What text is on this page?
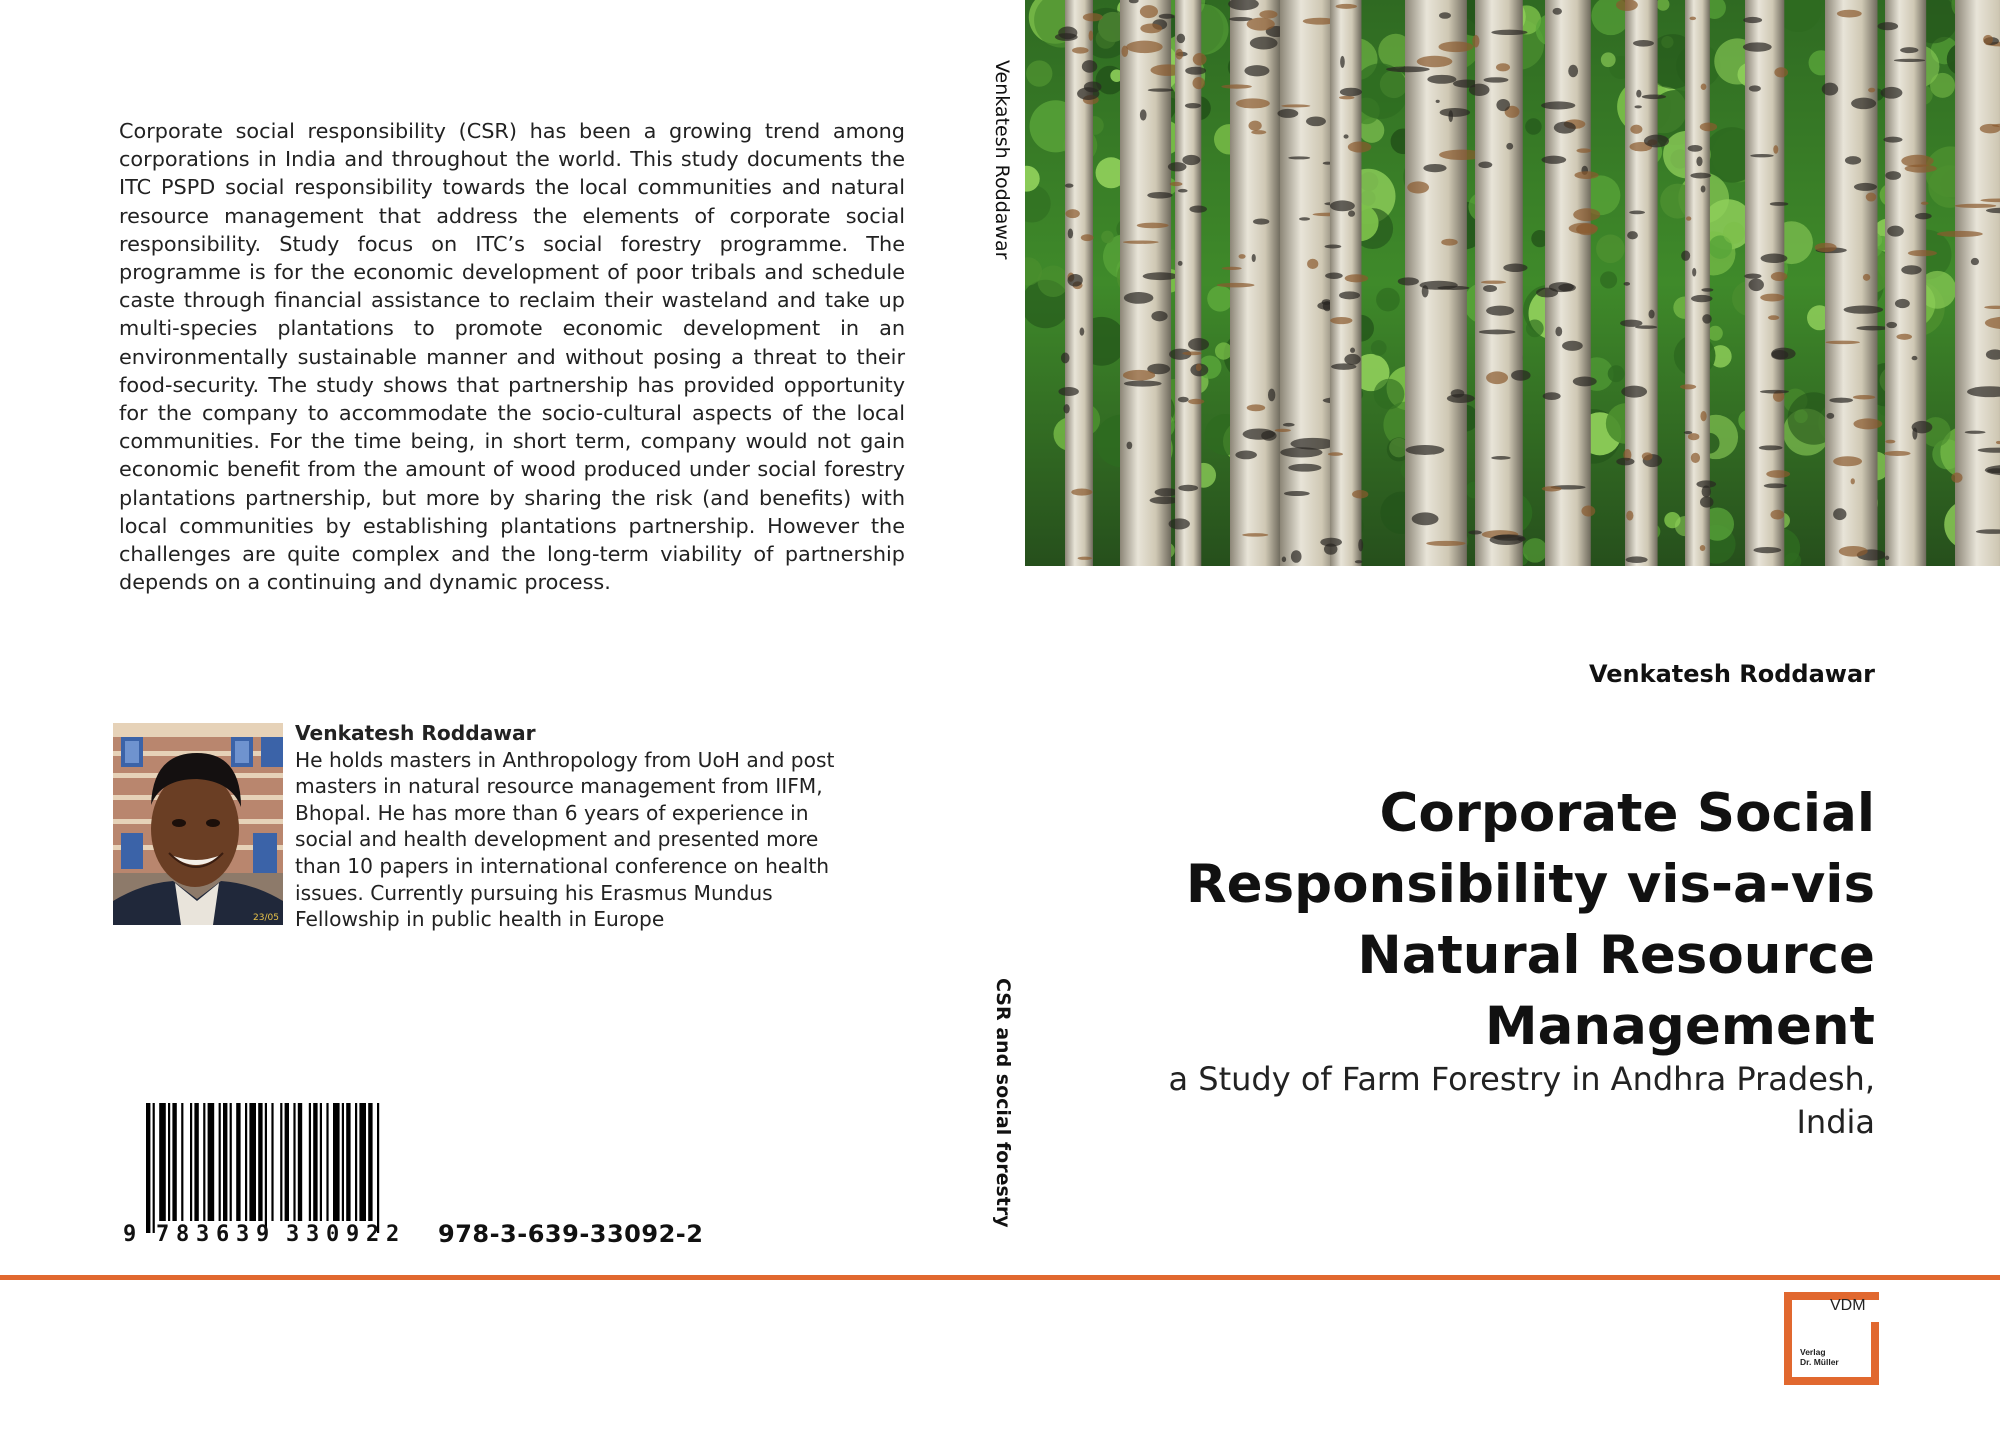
Corporate social responsibility (CSR) has been a growing trend among corporations in India and throughout the world. This study documents the ITC PSPD social responsibility towards the local communities and natural resource management that address the elements of corporate social responsibility. Study focus on ITC’s social forestry programme. The programme is for the economic development of poor tribals and schedule caste through financial assistance to reclaim their wasteland and take up multi-species plantations to promote economic development in an environmentally sustainable manner and without posing a threat to their food-security. The study shows that partnership has provided opportunity for the company to accommodate the socio-cultural aspects of the local communities. For the time being, in short term, company would not gain economic benefit from the amount of wood produced under social forestry plantations partnership, but more by sharing the risk (and benefits) with local communities by establishing plantations partnership. However the challenges are quite complex and the long-term viability of partnership depends on a continuing and dynamic process.
23/05
Venkatesh Roddawar
He holds masters in Anthropology from UoH and post masters in natural resource management from IIFM, Bhopal. He has more than 6 years of experience in social and health development and presented more than 10 papers in international conference on health issues. Currently pursuing his Erasmus Mundus Fellowship in public health in Europe
9 7 8 3 6 3 9 3 3 0 9 2 2 978-3-639-33092-2
Venkatesh Roddawar
CSR and social forestry
Venkatesh Roddawar
Corporate Social
Responsibility vis-a-vis
Natural Resource
Management
a Study of Farm Forestry in Andhra Pradesh,
India
VDM
Verlag
Dr. Müller
